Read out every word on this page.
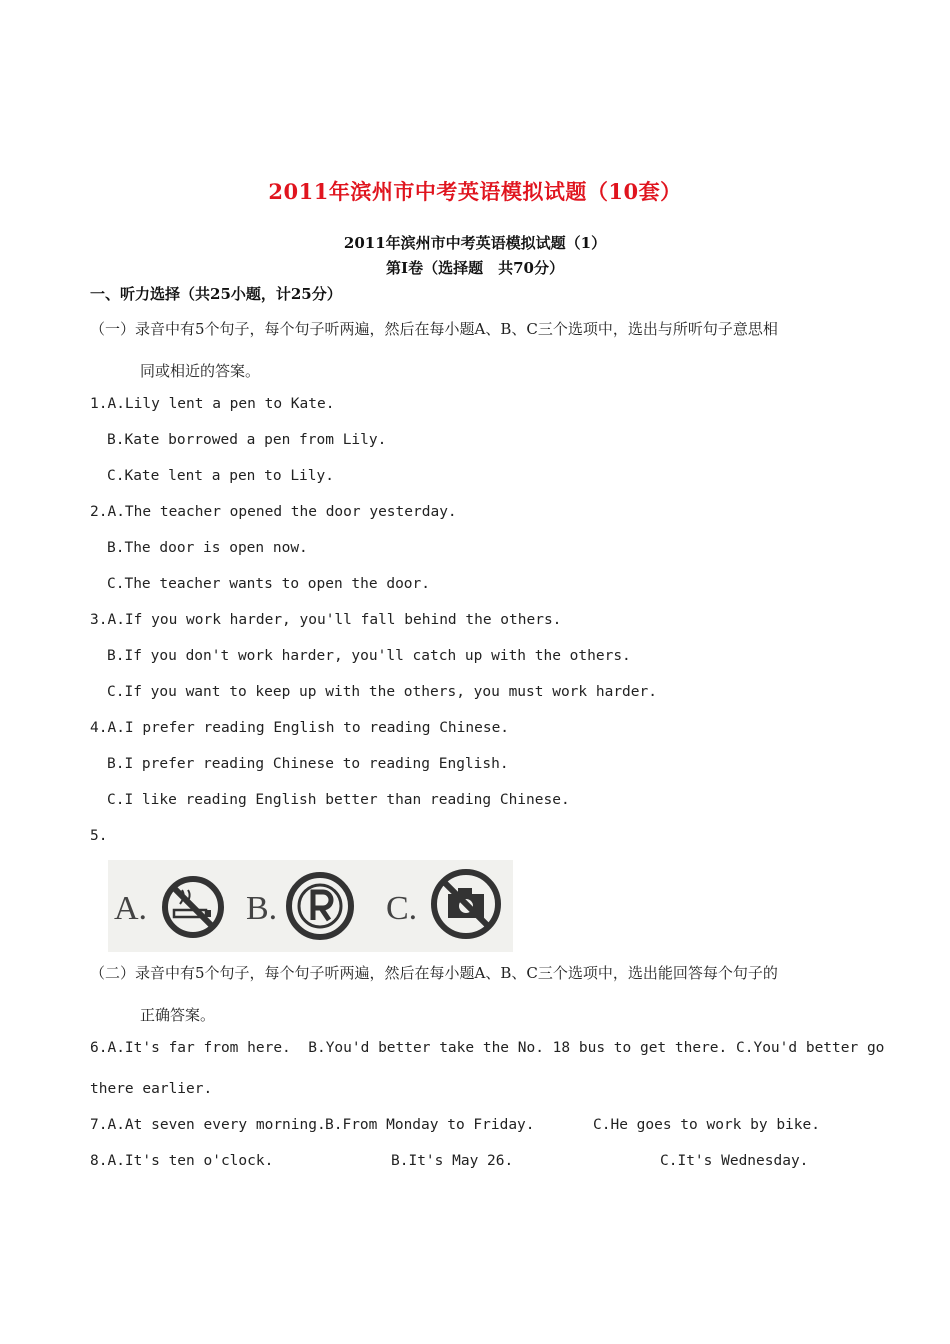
2011年滨州市中考英语模拟试题（10套）
2011年滨州市中考英语模拟试题（1）
第Ⅰ卷（选择题　共70分）
一、听力选择（共25小题，计25分）
（一）录音中有5个句子，每个句子听两遍，然后在每小题A、B、C三个选项中，选出与所听句子意思相
同或相近的答案。
1.A.Lily lent a pen to Kate.
B.Kate borrowed a pen from Lily.
C.Kate lent a pen to Lily.
2.A.The teacher opened the door yesterday.
B.The door is open now.
C.The teacher wants to open the door.
3.A.If you work harder, you'll fall behind the others.
B.If you don't work harder, you'll catch up with the others.
C.If you want to keep up with the others, you must work harder.
4.A.I prefer reading English to reading Chinese.
B.I prefer reading Chinese to reading English.
C.I like reading English better than reading Chinese.
5.
A.	B.	C.
（二）录音中有5个句子，每个句子听两遍，然后在每小题A、B、C三个选项中，选出能回答每个句子的
正确答案。
6.A.It's far from here.  B.You'd better take the No. 18 bus to get there. C.You'd better go
there earlier.
7.A.At seven every morning. B.From Monday to Friday.	C.He goes to work by bike.
8.A.It's ten o'clock.	B.It's May 26.	C.It's Wednesday.
